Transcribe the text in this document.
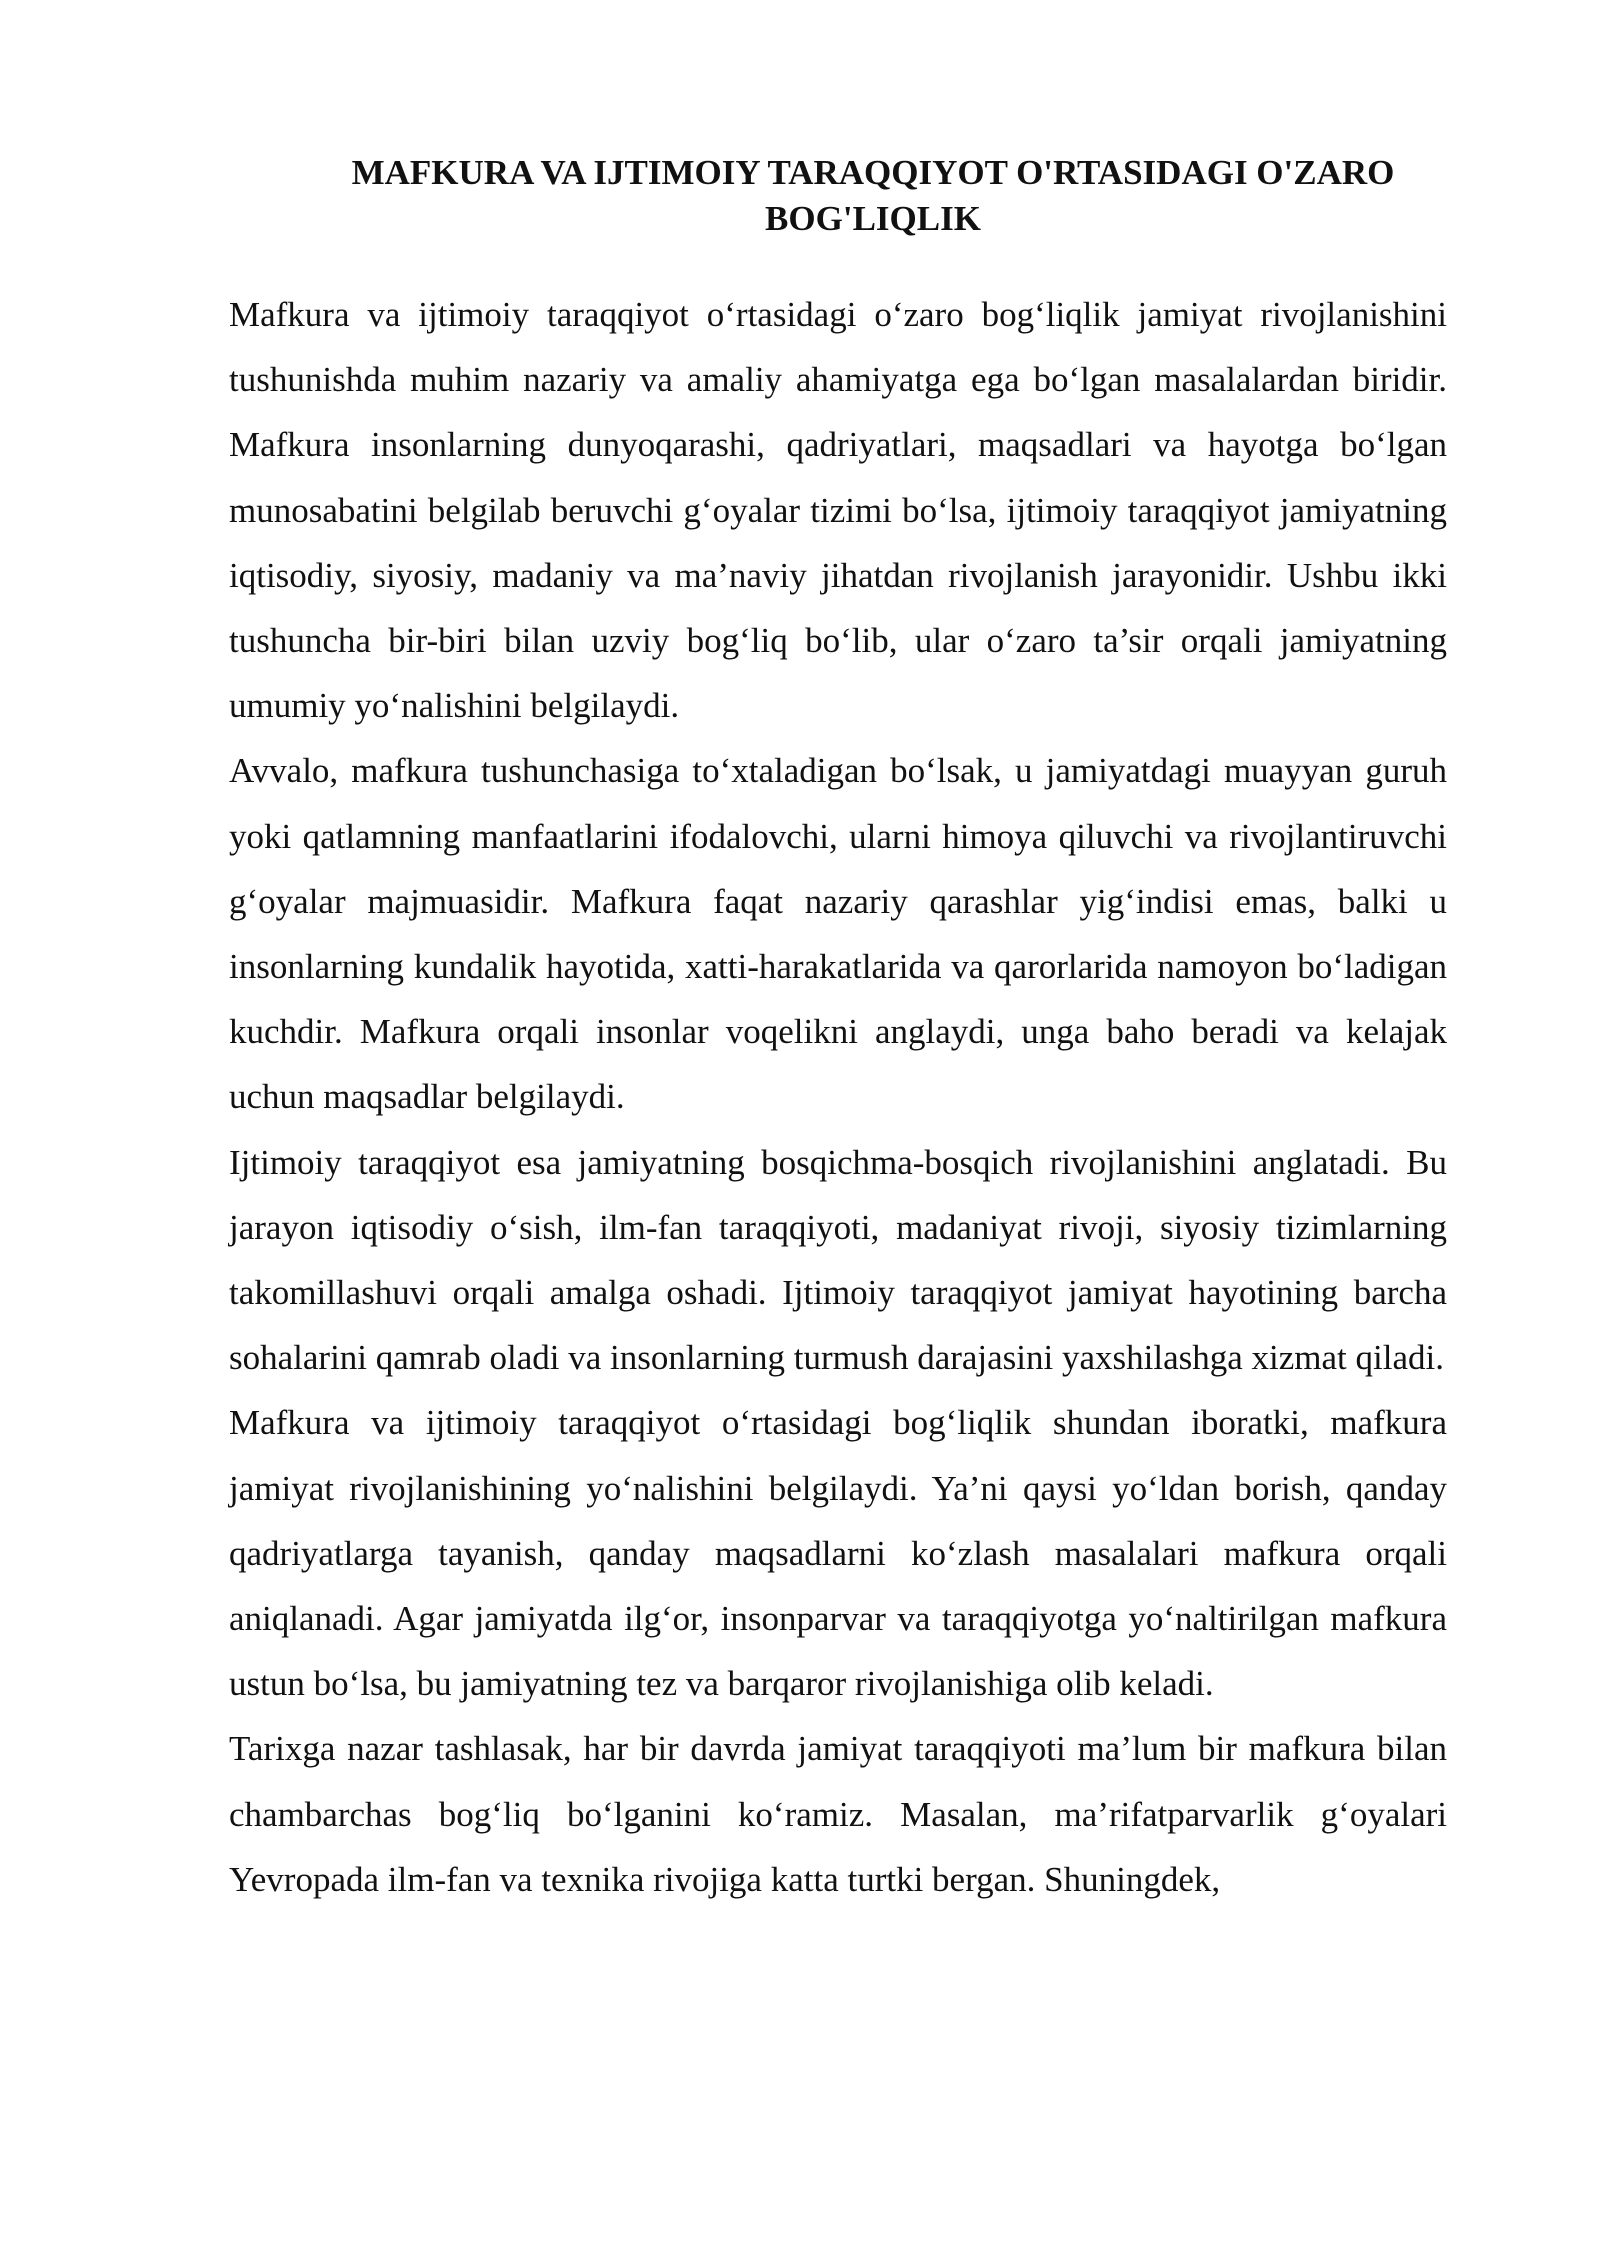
MAFKURA VA IJTIMOIY TARAQQIYOT O'RTASIDAGI O'ZARO BOG'LIQLIK

Mafkura va ijtimoiy taraqqiyot o‘rtasidagi o‘zaro bog‘liqlik jamiyat rivojlanishini tushunishda muhim nazariy va amaliy ahamiyatga ega bo‘lgan masalalardan biridir. Mafkura insonlarning dunyoqarashi, qadriyatlari, maqsadlari va hayotga bo‘lgan munosabatini belgilab beruvchi g‘oyalar tizimi bo‘lsa, ijtimoiy taraqqiyot jamiyatning iqtisodiy, siyosiy, madaniy va ma’naviy jihatdan rivojlanish jarayonidir. Ushbu ikki tushuncha bir-biri bilan uzviy bog‘liq bo‘lib, ular o‘zaro ta’sir orqali jamiyatning umumiy yo‘nalishini belgilaydi.

Avvalo, mafkura tushunchasiga to‘xtaladigan bo‘lsak, u jamiyatdagi muayyan guruh yoki qatlamning manfaatlarini ifodalovchi, ularni himoya qiluvchi va rivojlantiruvchi g‘oyalar majmuasidir. Mafkura faqat nazariy qarashlar yig‘indisi emas, balki u insonlarning kundalik hayotida, xatti-harakatlarida va qarorlarida namoyon bo‘ladigan kuchdir. Mafkura orqali insonlar voqelikni anglaydi, unga baho beradi va kelajak uchun maqsadlar belgilaydi.

Ijtimoiy taraqqiyot esa jamiyatning bosqichma-bosqich rivojlanishini anglatadi. Bu jarayon iqtisodiy o‘sish, ilm-fan taraqqiyoti, madaniyat rivoji, siyosiy tizimlarning takomillashuvi orqali amalga oshadi. Ijtimoiy taraqqiyot jamiyat hayotining barcha sohalarini qamrab oladi va insonlarning turmush darajasini yaxshilashga xizmat qiladi.

Mafkura va ijtimoiy taraqqiyot o‘rtasidagi bog‘liqlik shundan iboratki, mafkura jamiyat rivojlanishining yo‘nalishini belgilaydi. Ya’ni qaysi yo‘ldan borish, qanday qadriyatlarga tayanish, qanday maqsadlarni ko‘zlash masalalari mafkura orqali aniqlanadi. Agar jamiyatda ilg‘or, insonparvar va taraqqiyotga yo‘naltirilgan mafkura ustun bo‘lsa, bu jamiyatning tez va barqaror rivojlanishiga olib keladi.

Tarixga nazar tashlasak, har bir davrda jamiyat taraqqiyoti ma’lum bir mafkura bilan chambarchas bog‘liq bo‘lganini ko‘ramiz. Masalan, ma’rifatparvarlik g‘oyalari Yevropada ilm-fan va texnika rivojiga katta turtki bergan. Shuningdek,
